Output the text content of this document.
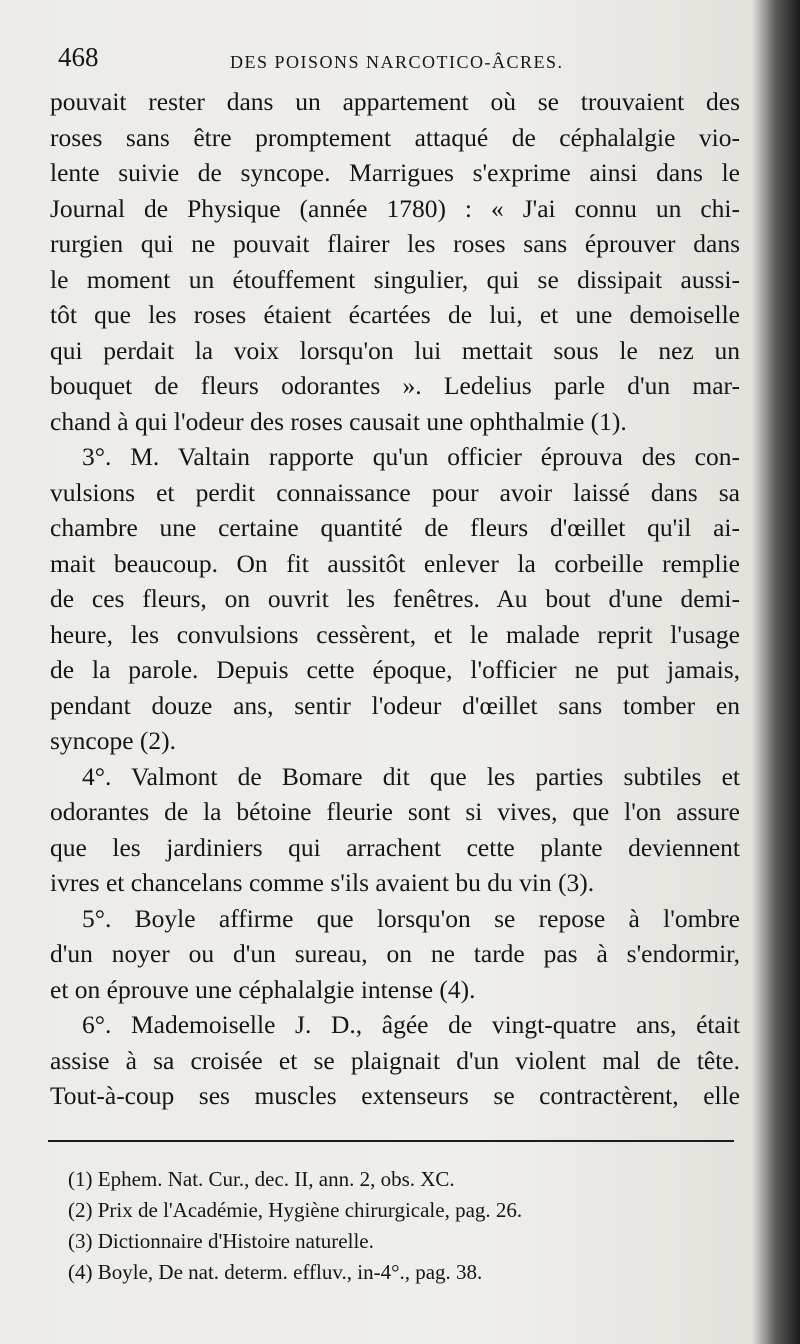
468	DES POISONS NARCOTICO-ÂCRES.
pouvait rester dans un appartement où se trouvaient des
roses sans être promptement attaqué de céphalalgie vio-
lente suivie de syncope. Marrigues s'exprime ainsi dans le
Journal de Physique (année 1780) : « J'ai connu un chi-
rurgien qui ne pouvait flairer les roses sans éprouver dans
le moment un étouffement singulier, qui se dissipait aussi-
tôt que les roses étaient écartées de lui, et une demoiselle
qui perdait la voix lorsqu'on lui mettait sous le nez un
bouquet de fleurs odorantes ». Ledelius parle d'un mar-
chand à qui l'odeur des roses causait une ophthalmie (1).
3°. M. Valtain rapporte qu'un officier éprouva des con-
vulsions et perdit connaissance pour avoir laissé dans sa
chambre une certaine quantité de fleurs d'œillet qu'il ai-
mait beaucoup. On fit aussitôt enlever la corbeille remplie
de ces fleurs, on ouvrit les fenêtres. Au bout d'une demi-
heure, les convulsions cessèrent, et le malade reprit l'usage
de la parole. Depuis cette époque, l'officier ne put jamais,
pendant douze ans, sentir l'odeur d'œillet sans tomber en
syncope (2).
4°. Valmont de Bomare dit que les parties subtiles et
odorantes de la bétoine fleurie sont si vives, que l'on assure
que les jardiniers qui arrachent cette plante deviennent
ivres et chancelans comme s'ils avaient bu du vin (3).
5°. Boyle affirme que lorsqu'on se repose à l'ombre
d'un noyer ou d'un sureau, on ne tarde pas à s'endormir,
et on éprouve une céphalalgie intense (4).
6°. Mademoiselle J. D., âgée de vingt-quatre ans, était
assise à sa croisée et se plaignait d'un violent mal de tête.
Tout-à-coup ses muscles extenseurs se contractèrent, elle
(1) Ephem. Nat. Cur., dec. II, ann. 2, obs. XC.
(2) Prix de l'Académie, Hygiène chirurgicale, pag. 26.
(3) Dictionnaire d'Histoire naturelle.
(4) Boyle, De nat. determ. effluv., in-4°., pag. 38.
